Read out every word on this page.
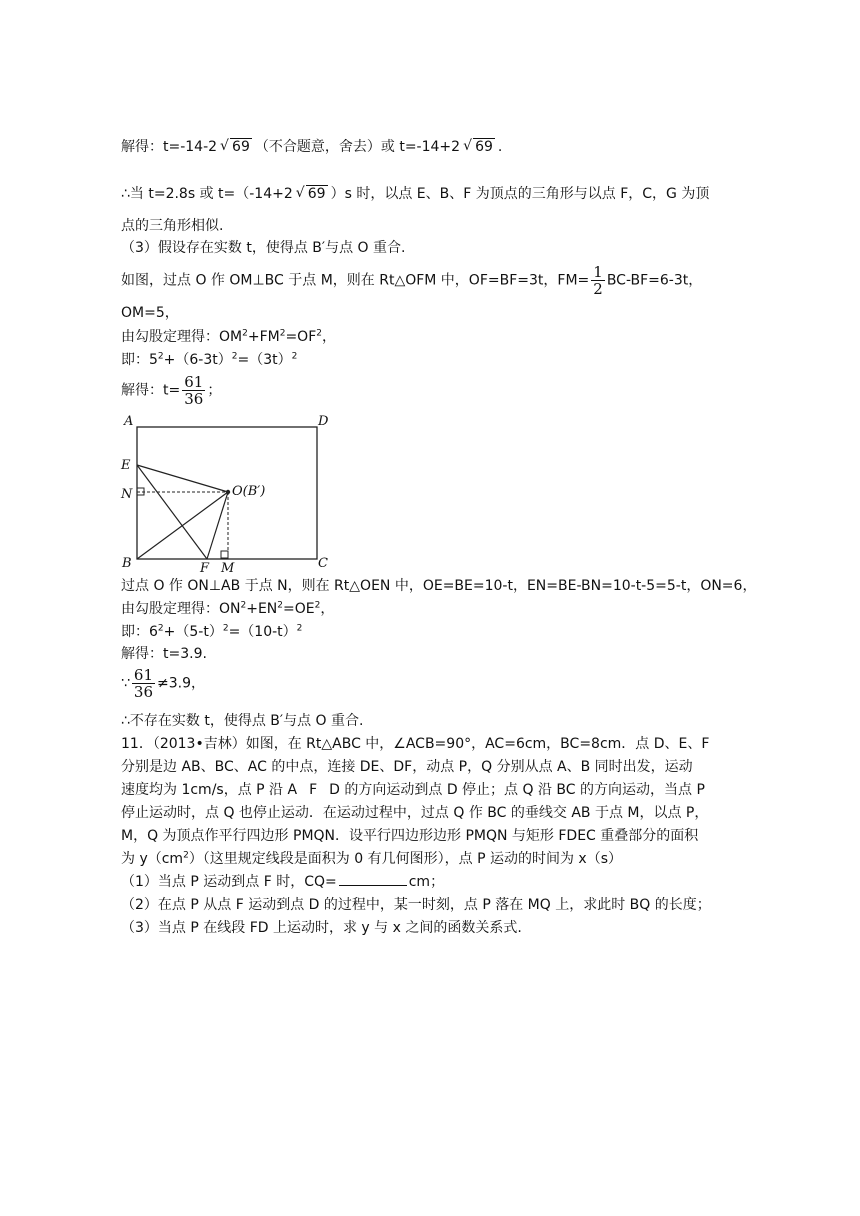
解得：t=-14-2 √ 69 （不合题意，舍去）或 t=-14+2 √ 69 .
∴当 t=2.8s 或 t=（-14+2 √ 69 ）s 时，以点 E、B、F 为顶点的三角形与以点 F，C，G 为顶
点的三角形相似.
（3）假设存在实数 t，使得点 B′与点 O 重合.
如图，过点 O 作 OM⊥BC 于点 M，则在 Rt△OFM 中，OF=BF=3t，$FM= \frac{1}{2} BC-BF=6-3t$，
OM=5，
由勾股定理得：$OM^2+FM^2=OF^2$，
即：$5^2+(6-3t)^2=(3t)^2$
解得：$t= \frac{61}{36}$ ；
A	D
E
N	O(B′)
B	F M	C
过点 O 作 ON⊥AB 于点 N，则在 Rt△OEN 中，OE=BE=10-t，EN=BE-BN=10-t-5=5-t，ON=6，
由勾股定理得：$ON^2+EN^2=OE^2$，
即：$6^2+(5-t)^2=(10-t)^2$
解得：t=3.9.
∵ $\frac{61}{36} \ne 3.9$，
∴不存在实数 t，使得点 B′与点 O 重合.
11．（2013•吉林）如图，在 Rt△ABC 中，∠ACB=90°，AC=6cm，BC=8cm．点 D、E、F
分别是边 AB、BC、AC 的中点，连接 DE、DF，动点 P，Q 分别从点 A、B 同时出发，运动
速度均为 1cm/s，点 P 沿 A F D 的方向运动到点 D 停止；点 Q 沿 BC 的方向运动，当点 P
停止运动时，点 Q 也停止运动．在运动过程中，过点 Q 作 BC 的垂线交 AB 于点 M，以点 P，
M，Q 为顶点作平行四边形 PMQN．设平行四边形边形 PMQN 与矩形 FDEC 重叠部分的面积
为 $y(cm^2)$（这里规定线段是面积为 0 有几何图形），点 P 运动的时间为 x（s）
（1）当点 P 运动到点 F 时，CQ=	cm；
（2）在点 P 从点 F 运动到点 D 的过程中，某一时刻，点 P 落在 MQ 上，求此时 BQ 的长度；
（3）当点 P 在线段 FD 上运动时，求 y 与 x 之间的函数关系式.
